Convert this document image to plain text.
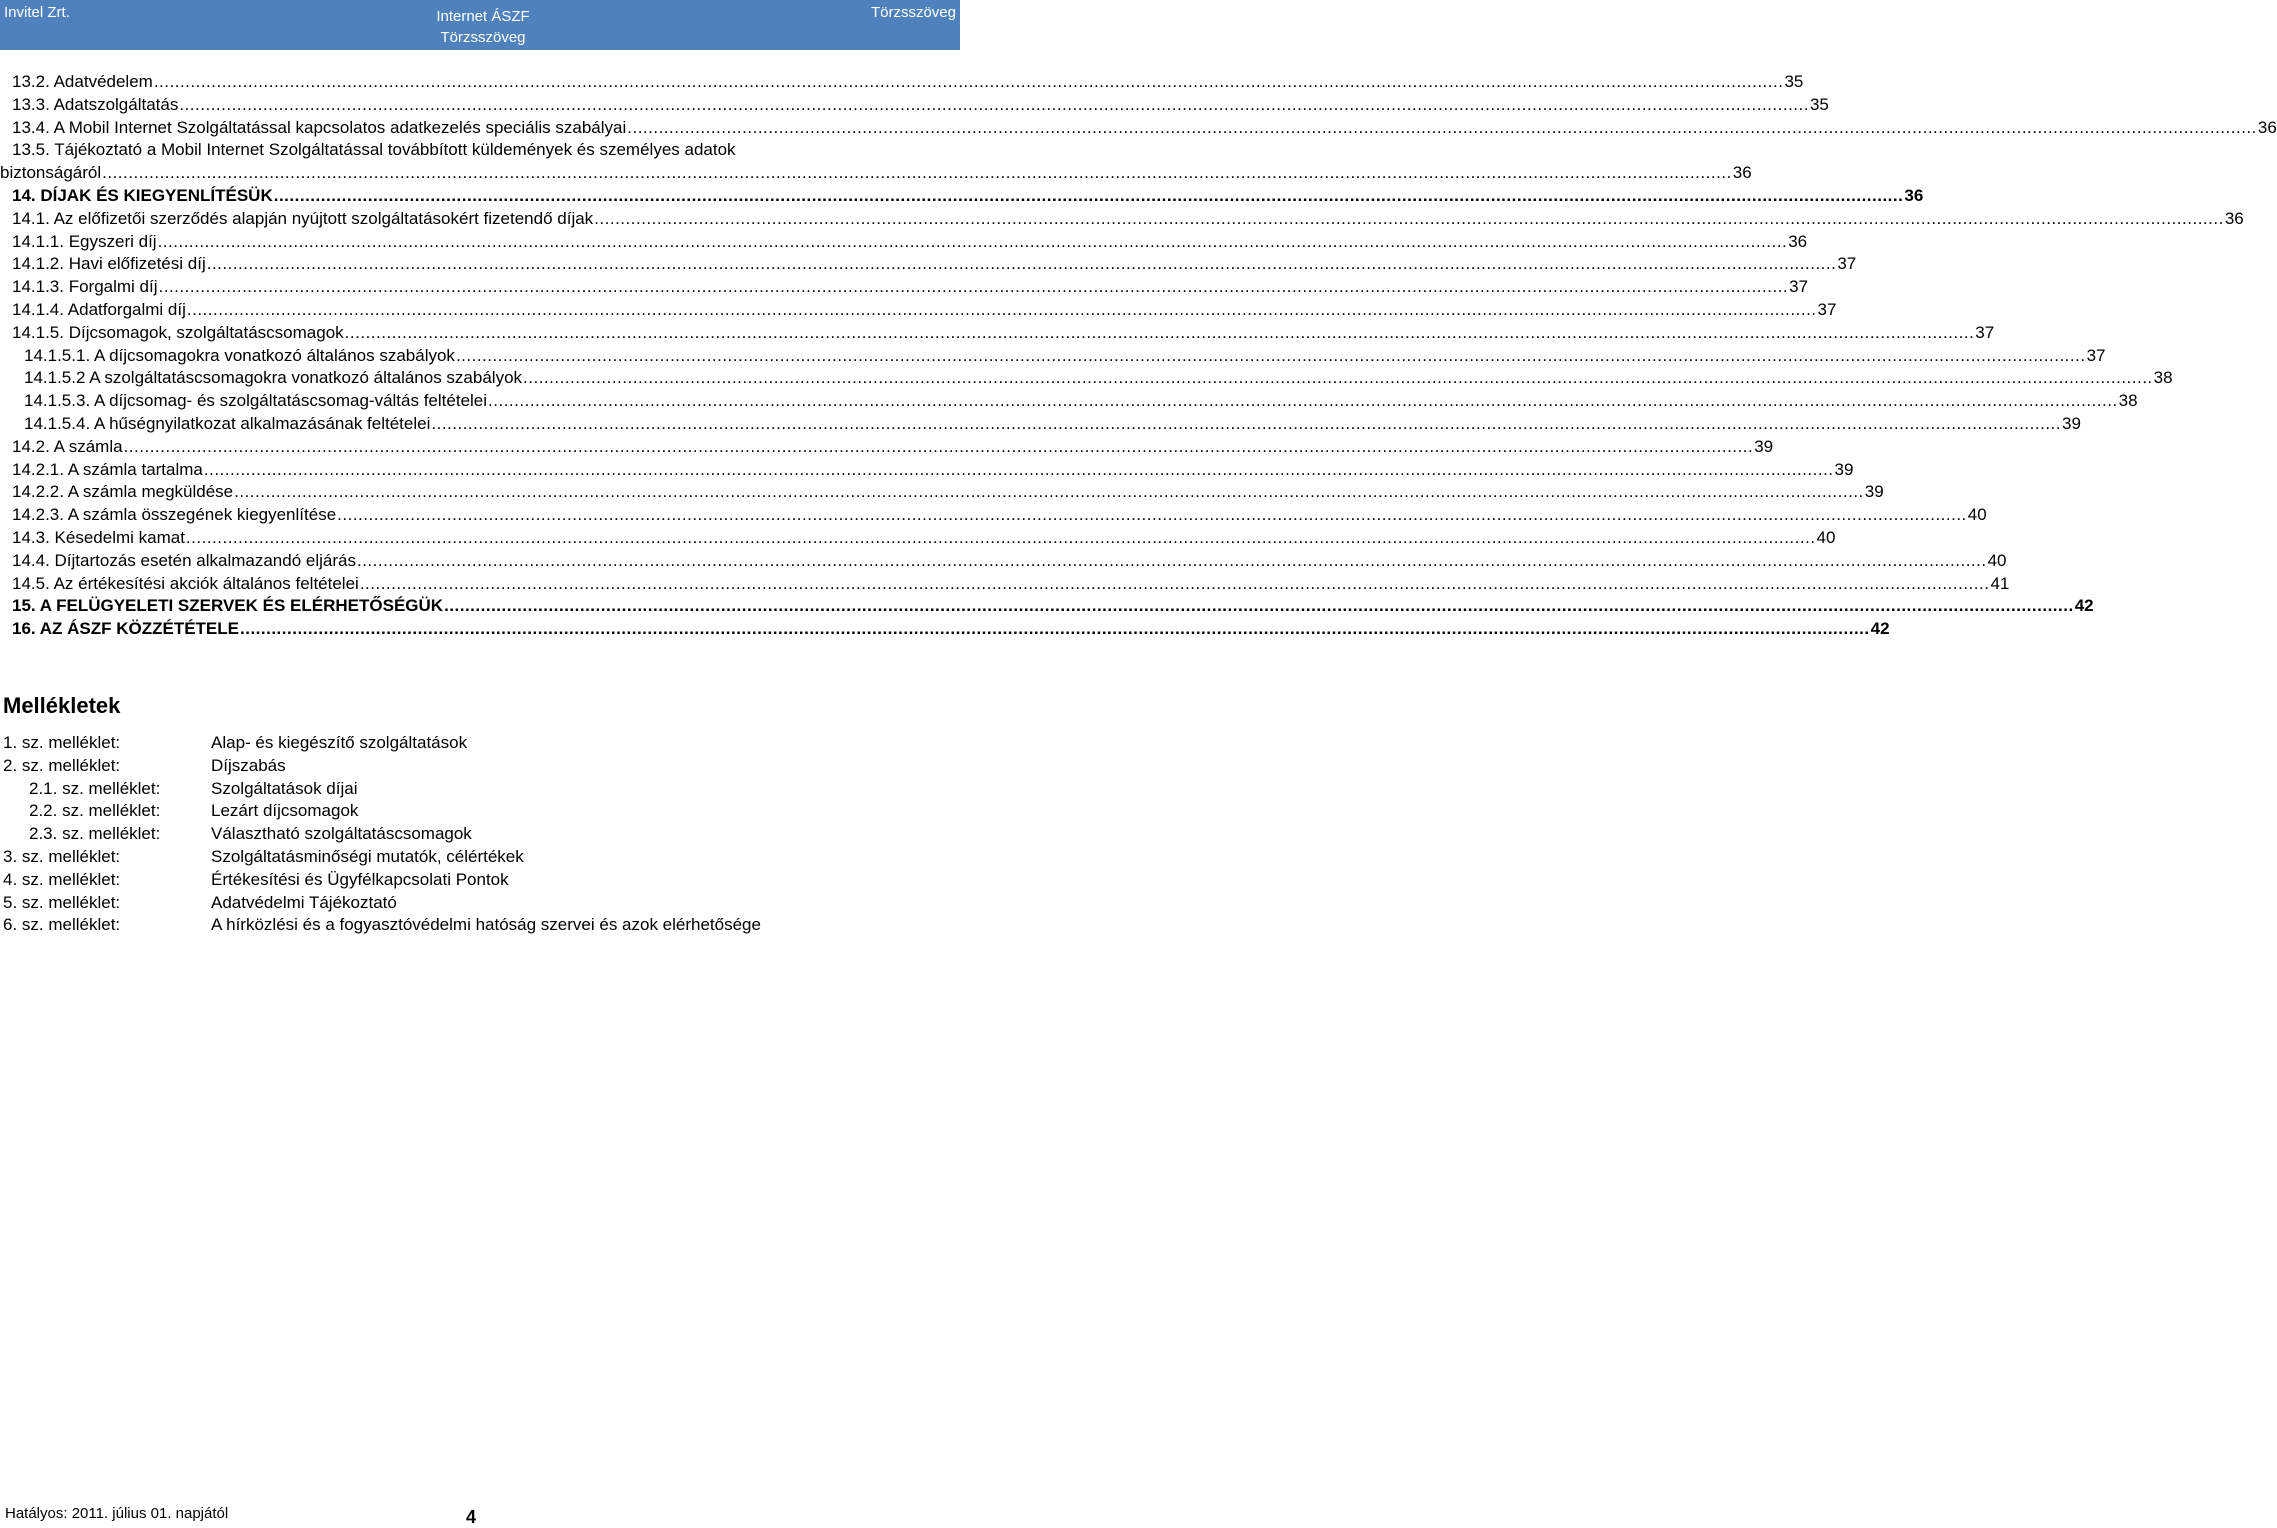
Invitel Zrt.	Internet ÁSZF
Törzsszöveg
Törzsszöveg
13.2. Adatvédelem .....	35
13.3. Adatszolgáltatás .....	35
13.4. A Mobil Internet Szolgáltatással kapcsolatos adatkezelés speciális szabályai .....	36
13.5. Tájékoztató a Mobil Internet Szolgáltatással továbbított küldemények és személyes adatok
biztonságáról .....	36
14. DÍJAK ÉS KIEGYENLÍTÉSÜK .....	36
14.1. Az előfizetői szerződés alapján nyújtott szolgáltatásokért fizetendő díjak .....	36
14.1.1. Egyszeri díj .....	36
14.1.2. Havi előfizetési díj .....	37
14.1.3. Forgalmi díj .....	37
14.1.4. Adatforgalmi díj .....	37
14.1.5. Díjcsomagok, szolgáltatáscsomagok .....	37
14.1.5.1. A díjcsomagokra vonatkozó általános szabályok .....	37
14.1.5.2 A szolgáltatáscsomagokra vonatkozó általános szabályok .....	38
14.1.5.3. A díjcsomag- és szolgáltatáscsomag-váltás feltételei .....	38
14.1.5.4. A hűségnyilatkozat alkalmazásának feltételei .....	39
14.2. A számla .....	39
14.2.1. A számla tartalma .....	39
14.2.2. A számla megküldése .....	39
14.2.3. A számla összegének kiegyenlítése .....	40
14.3. Késedelmi kamat .....	40
14.4. Díjtartozás esetén alkalmazandó eljárás .....	40
14.5. Az értékesítési akciók általános feltételei .....	41
15. A FELÜGYELETI SZERVEK ÉS ELÉRHETŐSÉGÜK .....	42
16. AZ ÁSZF KÖZZÉTÉTELE .....	42
Mellékletek
1. sz. melléklet:	Alap- és kiegészítő szolgáltatások
2. sz. melléklet:	Díjszabás
2.1. sz. melléklet:	Szolgáltatások díjai
2.2. sz. melléklet:	Lezárt díjcsomagok
2.3. sz. melléklet:	Választható szolgáltatáscsomagok
3. sz. melléklet:	Szolgáltatásminőségi mutatók, célértékek
4. sz. melléklet:	Értékesítési és Ügyfélkapcsolati Pontok
5. sz. melléklet:	Adatvédelmi Tájékoztató
6. sz. melléklet:	A hírközlési és a fogyasztóvédelmi hatóság szervei és azok elérhetősége
Hatályos: 2011. július 01. napjától	4
